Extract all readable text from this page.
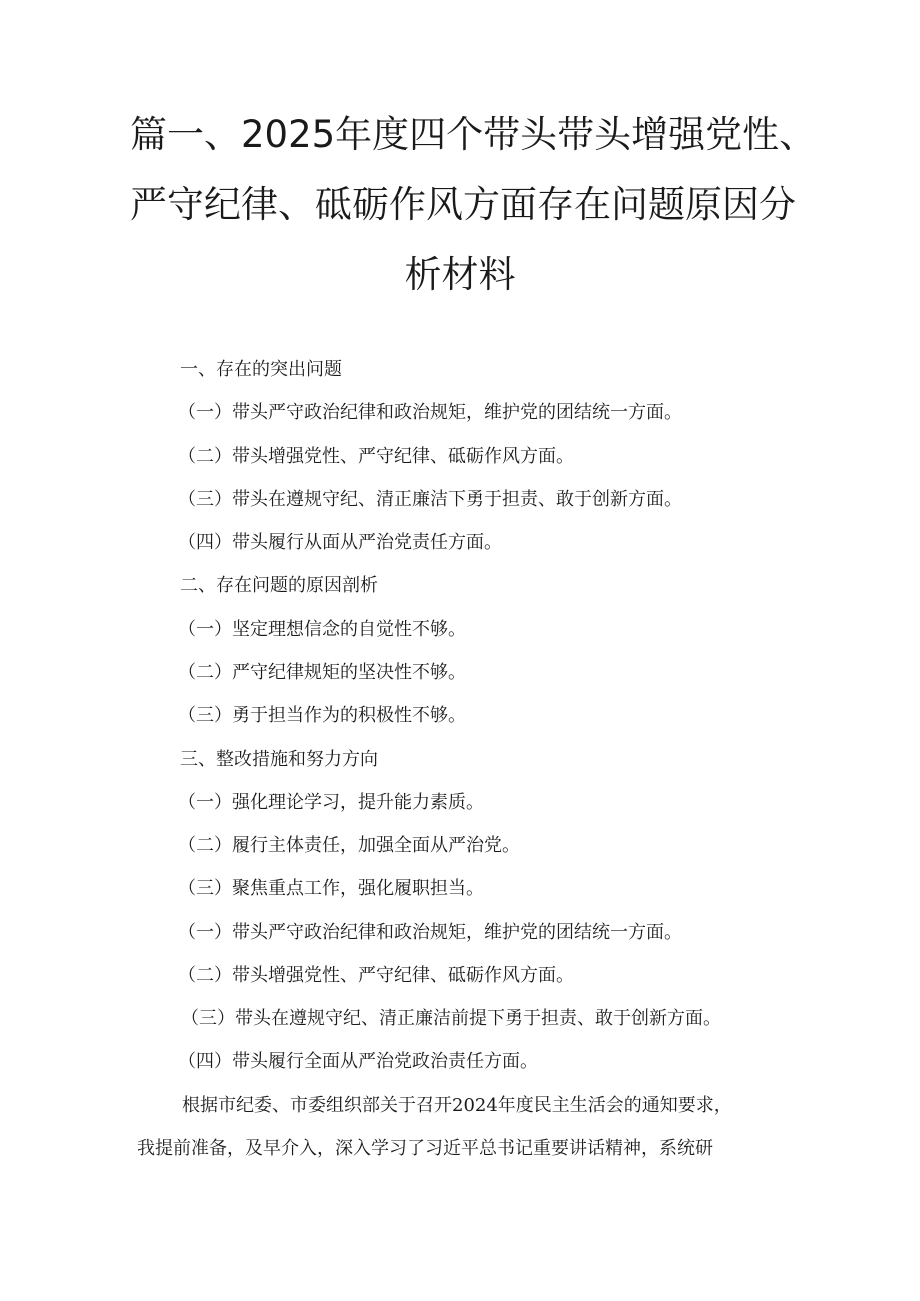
篇一、2025年度四个带头带头增强党性、
严守纪律、砥砺作风方面存在问题原因分
析材料
一、存在的突出问题
（一）带头严守政治纪律和政治规矩，维护党的团结统一方面。
（二）带头增强党性、严守纪律、砥砺作风方面。
（三）带头在遵规守纪、清正廉洁下勇于担责、敢于创新方面。
（四）带头履行从面从严治党责任方面。
二、存在问题的原因剖析
（一）坚定理想信念的自觉性不够。
（二）严守纪律规矩的坚决性不够。
（三）勇于担当作为的积极性不够。
三、整改措施和努力方向
（一）强化理论学习，提升能力素质。
（二）履行主体责任，加强全面从严治党。
（三）聚焦重点工作，强化履职担当。
（一）带头严守政治纪律和政治规矩，维护党的团结统一方面。
（二）带头增强党性、严守纪律、砥砺作风方面。
（三）带头在遵规守纪、清正廉洁前提下勇于担责、敢于创新方面。
（四）带头履行全面从严治党政治责任方面。
根据市纪委、市委组织部关于召开2024年度民主生活会的通知要求，
我提前准备，及早介入，深入学习了习近平总书记重要讲话精神，系统研
